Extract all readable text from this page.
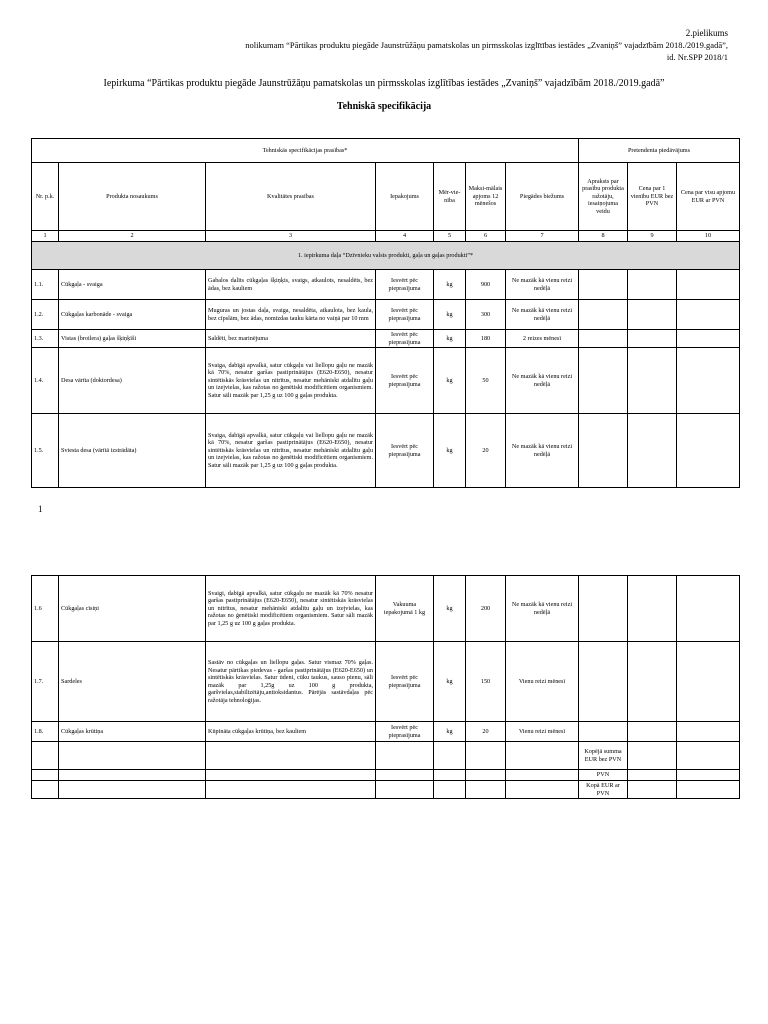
2.pielikums
nolikumam “Pārtikas produktu piegāde Jaunstrūžāņu pamatskolas un pirmsskolas izglītības iestādes „Zvaniņš” vajadzībām 2018./2019.gadā”,
id. Nr.SPP 2018/1
Iepirkuma “Pārtikas produktu piegāde Jaunstrūžāņu pamatskolas un pirmsskolas izglītības iestādes „Zvaniņš” vajadzībām 2018./2019.gadā”
Tehniskā specifikācija
Tehniskās specifikācijas prasības*							Pretendenta piedāvājums		
Nr. p.k.	Produkta nosaukums	Kvalitātes prasības	Iepakojums	Mēr-vie-nība	Maksi-mālais apjoms 12 mēnešos	Piegādes biežums	Apraksts par prasību produkta ražotāju, iesaiņojuma veidu	Cena par 1 vienību EUR bez PVN	Cena par visu apjomu EUR ar PVN
1	2	3	4	5	6	7	8	9	10
1. iepirkuma daļa “Dzīvnieku valsts produkti, gaļa un gaļas produkti”*									
1.1.	Cūkgaļa - svaiga	Gabalos dalīts cūkgaļas šķiņķis, svaigs, atkaulots, nesaldēts, bez ādas, bez kauliem	Iesvērt pēc pieprasījuma	kg	900	Ne mazāk kā vienu reizi nedēļā			
1.2.	Cūkgaļas karbonāde - svaiga	Muguras un jostas daļa, svaiga, nesaldēta, atkaulota, bez kaula, bez cīpslām, bez ādas, nomīzdas tauku kārta no vaiņā par 10 mm	Iesvērt pēc pieprasījuma	kg	300	Ne mazāk kā vienu reizi nedēļā			
1.3.	Vistas (broilera) gaļas šķiņķīši	Saldēti, bez marinējuma	Iesvērt pēc pieprasījuma	kg	180	2 reizes mēnesī			
1.4.	Desa vārīta (doktordesa)	Svaiga, dabīgā apvalkā, satur cūkgaļu vai liellopu gaļu ne mazāk kā 70%, nesatur garšas pastiprinātājus (E620-E650), nesatur sintētiskās krāsvielas un nitrītus, nesatur mehāniski atdalītu gaļu un izejvielas, kas ražotas no ģenētiski modificētiem organismiem. Satur sāli mazāk par 1,25 g uz 100 g gaļas produkta.	Iesvērt pēc pieprasījuma	kg	50	Ne mazāk kā vienu reizi nedēļā			
1.5.	Sviesta desa (vārītā izstrādāta)	Svaiga, dabīgā apvalkā, satur cūkgaļu vai liellopu gaļu ne mazāk kā 70%, nesatur garšas pastiprinātājus (E620-E650), nesatur sintētiskās krāsvielas un nitrītus, nesatur mehāniski atdalītu gaļu un izejvielas, kas ražotas no ģenētiski modificētiem organismiem. Satur sāli mazāk par 1,25 g uz 100 g gaļas produkta.	Iesvērt pēc pieprasījuma	kg	20	Ne mazāk kā vienu reizi nedēļā			
1
1.6	Cūkgaļas cīsiņi	Svaigi, dabīgā apvalkā, satur cūkgaļu ne mazāk kā 70% nesatur garšas pastiprinātājus (E620-E650), nesatur sintētiskās krāsvielas un nitrītus, nesatur mehāniski atdalītu gaļu un izejvielas, kas ražotas no ģenētiski modificētiem organismiem. Satur sāli mazāk par 1,25 g uz 100 g gaļas produkta.	Vakuuma iepakojumā 1 kg	kg	200	Ne mazāk kā vienu reizi nedēļā			
1.7.	Sardeles	Sastāv no cūkgaļas un liellopu gaļas. Satur vismaz 70% gaļas. Nesatur pārtikas piedevas - garšas pastiprinātājus (E620-E650) un sintētiskās krāsvielas. Satur ūdeni, cūku taukus, sauso pienu, sāli mazāk par 1,25g uz 100 g produkta, garšvielas,stabilizētāju,antioksidantus. Pārējās sastāvdaļas pēc ražotāja tehnoloģijas.	Iesvērt pēc pieprasījuma	kg	150	Vienu reizi mēnesī			
1.8.	Cūkgaļas krūtiņa	Kūpināta cūkgaļas krūtiņa, bez kauliem	Iesvērt pēc pieprasījuma	kg	20	Vienu reizi mēnesī			
							Kopējā summa EUR bez PVN		
							PVN		
							Kopā EUR ar PVN		
